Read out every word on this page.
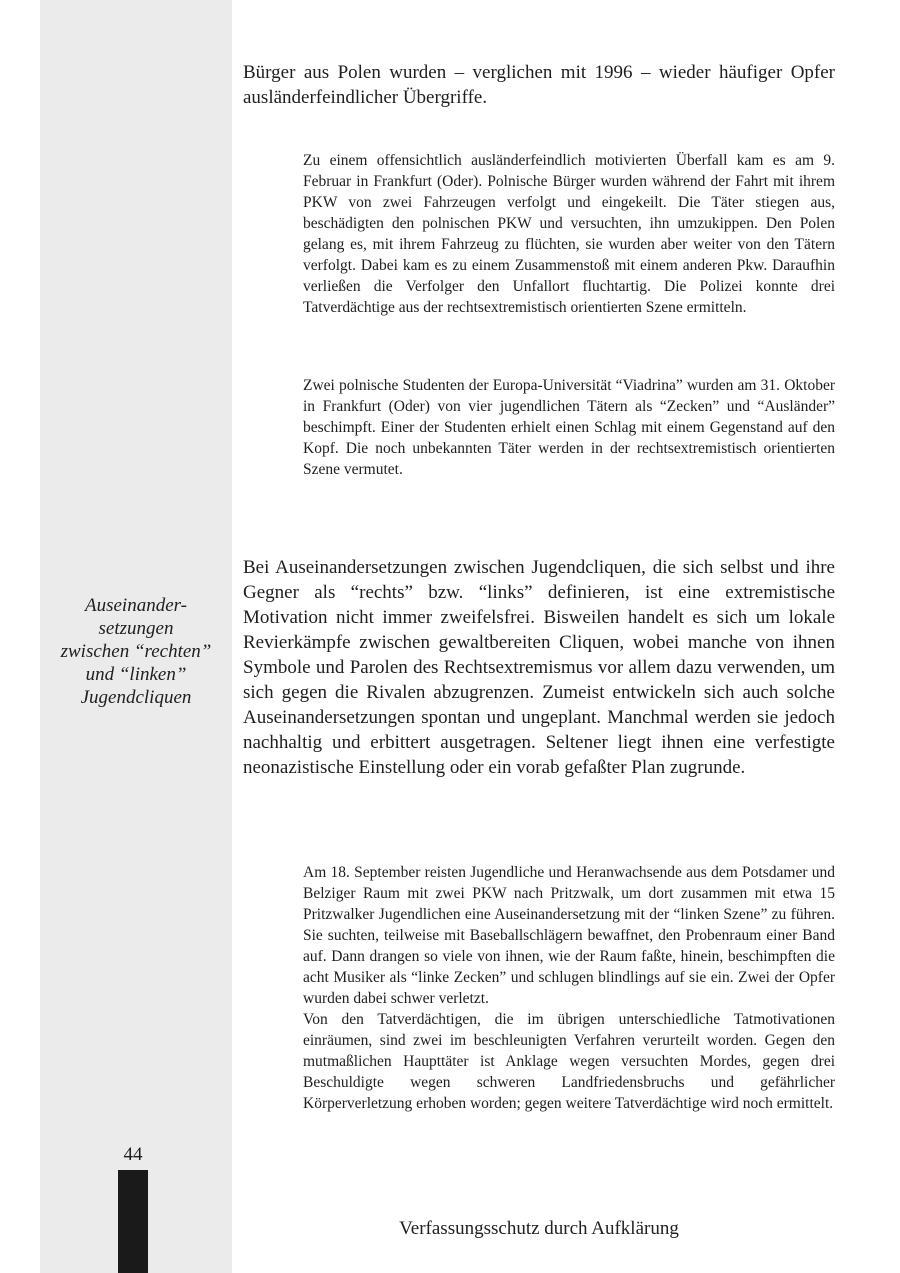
Bürger aus Polen wurden – verglichen mit 1996 – wieder häufiger Opfer ausländerfeindlicher Übergriffe.

Zu einem offensichtlich ausländerfeindlich motivierten Überfall kam es am 9. Februar in Frankfurt (Oder). Polnische Bürger wurden während der Fahrt mit ihrem PKW von zwei Fahrzeugen verfolgt und eingekeilt. Die Täter stiegen aus, beschädigten den polnischen PKW und versuchten, ihn umzukippen. Den Polen gelang es, mit ihrem Fahrzeug zu flüchten, sie wurden aber weiter von den Tätern verfolgt. Dabei kam es zu einem Zusammenstoß mit einem anderen Pkw. Daraufhin verließen die Verfolger den Unfallort fluchtartig. Die Polizei konnte drei Tatverdächtige aus der rechtsextremistisch orientierten Szene ermitteln.

Zwei polnische Studenten der Europa-Universität “Viadrina” wurden am 31. Oktober in Frankfurt (Oder) von vier jugendlichen Tätern als “Zecken” und “Ausländer” beschimpft. Einer der Studenten erhielt einen Schlag mit einem Gegenstand auf den Kopf. Die noch unbekannten Täter werden in der rechtsextremistisch orientierten Szene vermutet.

Auseinander-
setzungen
zwischen “rechten”
und “linken”
Jugendcliquen

Bei Auseinandersetzungen zwischen Jugendcliquen, die sich selbst und ihre Gegner als “rechts” bzw. “links” definieren, ist eine extremistische Motivation nicht immer zweifelsfrei. Bisweilen handelt es sich um lokale Revierkämpfe zwischen gewaltbereiten Cliquen, wobei manche von ihnen Symbole und Parolen des Rechtsextremismus vor allem dazu verwenden, um sich gegen die Rivalen abzugrenzen. Zumeist entwickeln sich auch solche Auseinandersetzungen spontan und ungeplant. Manchmal werden sie jedoch nachhaltig und erbittert ausgetragen. Seltener liegt ihnen eine verfestigte neonazistische Einstellung oder ein vorab gefaßter Plan zugrunde.

Am 18. September reisten Jugendliche und Heranwachsende aus dem Potsdamer und Belziger Raum mit zwei PKW nach Pritzwalk, um dort zusammen mit etwa 15 Pritzwalker Jugendlichen eine Auseinandersetzung mit der “linken Szene” zu führen. Sie suchten, teilweise mit Baseballschlägern bewaffnet, den Probenraum einer Band auf. Dann drangen so viele von ihnen, wie der Raum faßte, hinein, beschimpften die acht Musiker als “linke Zecken” und schlugen blindlings auf sie ein. Zwei der Opfer wurden dabei schwer verletzt.

Von den Tatverdächtigen, die im übrigen unterschiedliche Tatmotivationen einräumen, sind zwei im beschleunigten Verfahren verurteilt worden. Gegen den mutmaßlichen Haupttäter ist Anklage wegen versuchten Mordes, gegen drei Beschuldigte wegen schweren Landfriedensbruchs und gefährlicher Körperverletzung erhoben worden; gegen weitere Tatverdächtige wird noch ermittelt.

44
Verfassungsschutz durch Aufklärung
